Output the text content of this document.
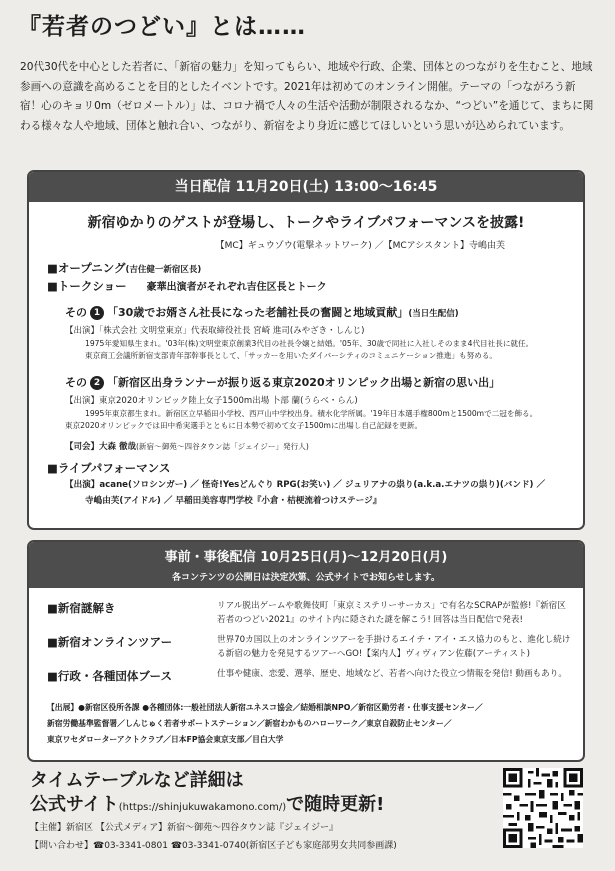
『若者のつどい』とは……

20代30代を中心とした若者に、「新宿の魅力」を知ってもらい、地域や行政、企業、団体とのつながりを生むこと、地域参画への意識を高めることを目的としたイベントです。2021年は初めてのオンライン開催。テーマの「つながろう新宿！心のキョリ0m（ゼロメートル）」は、コロナ禍で人々の生活や活動が制限されるなか、“つどい”を通じて、まちに関わる様々な人や地域、団体と触れ合い、つながり、新宿をより身近に感じてほしいという思いが込められています。

当日配信 11月20日(土) 13:00〜16:45
新宿ゆかりのゲストが登場し、トークやライブパフォーマンスを披露!
【MC】ギュウゾウ(電撃ネットワーク) ／【MCアシスタント】寺嶋由芙
■オープニング(吉住健一新宿区長)
■トークショー 豪華出演者がそれぞれ吉住区長とトーク
その 1 「30歳でお婿さん社長になった老舗社長の奮闘と地域貢献」(当日生配信)
【出演】「株式会社 文明堂東京」代表取締役社長 宮崎 進司(みやざき・しんじ)
1975年愛知県生まれ。'03年(株)文明堂東京創業3代目の社長令嬢と結婚。'05年、30歳で同社に入社しそのまま4代目社長に就任。
東京商工会議所新宿支部青年部幹事長として、「サッカーを用いたダイバーシティのコミュニケーション推進」も努める。
その 2 「新宿区出身ランナーが振り返る東京2020オリンピック出場と新宿の思い出」
【出演】東京2020オリンピック陸上女子1500m出場 卜部 蘭(うらべ・らん)
1995年東京都生まれ。新宿区立早稲田小学校、西戸山中学校出身。積水化学所属。'19年日本選手権800mと1500mで二冠を飾る。
東京2020オリンピックでは田中希実選手とともに日本勢で初めて女子1500mに出場し自己記録を更新。
【司会】大森 徹哉(新宿〜御苑〜四谷タウン誌「ジェイジー」発行人)
■ライブパフォーマンス
【出演】acane(ソロシンガー) ／ 怪奇!Yesどんぐり RPG(お笑い) ／ ジュリアナの祟り(a.k.a.エナツの祟り)(バンド) ／
寺嶋由芙(アイドル) ／ 早稲田美容専門学校『小倉・桔梗流着つけステージ』
事前・事後配信 10月25日(月)〜12月20日(月)
各コンテンツの公開日は決定次第、公式サイトでお知らせします。
■新宿謎解き	リアル脱出ゲームや歌舞伎町「東京ミステリーサーカス」で有名なSCRAPが監修!『新宿区若者のつどい2021』のサイト内に隠された謎を解こう! 回答は当日配信で発表!
■新宿オンラインツアー	世界70カ国以上のオンラインツアーを手掛けるエイチ・アイ・エス協力のもと、進化し続ける新宿の魅力を発見するツアーへGO!【案内人】ヴィヴィアン佐藤(アーティスト)
■行政・各種団体ブース	仕事や健康、恋愛、選挙、歴史、地域など、若者へ向けた役立つ情報を発信! 動画もあり。
【出展】●新宿区役所各課 ●各種団体:一般社団法人新宿ユネスコ協会／結婚相談NPO／新宿区勤労者・仕事支援センター／
新宿労働基準監督署／しんじゅく若者サポートステーション／新宿わかものハローワーク／東京自殺防止センター／
東京ワセダローターアクトクラブ／日本FP協会東京支部／目白大学
タイムテーブルなど詳細は
公式サイト(https://shinjukuwakamono.com/)で随時更新!
【主催】新宿区 【公式メディア】新宿〜御苑〜四谷タウン誌『ジェイジー』
【問い合わせ】☎03-3341-0801 ☎03-3341-0740(新宿区子ども家庭部男女共同参画課)
